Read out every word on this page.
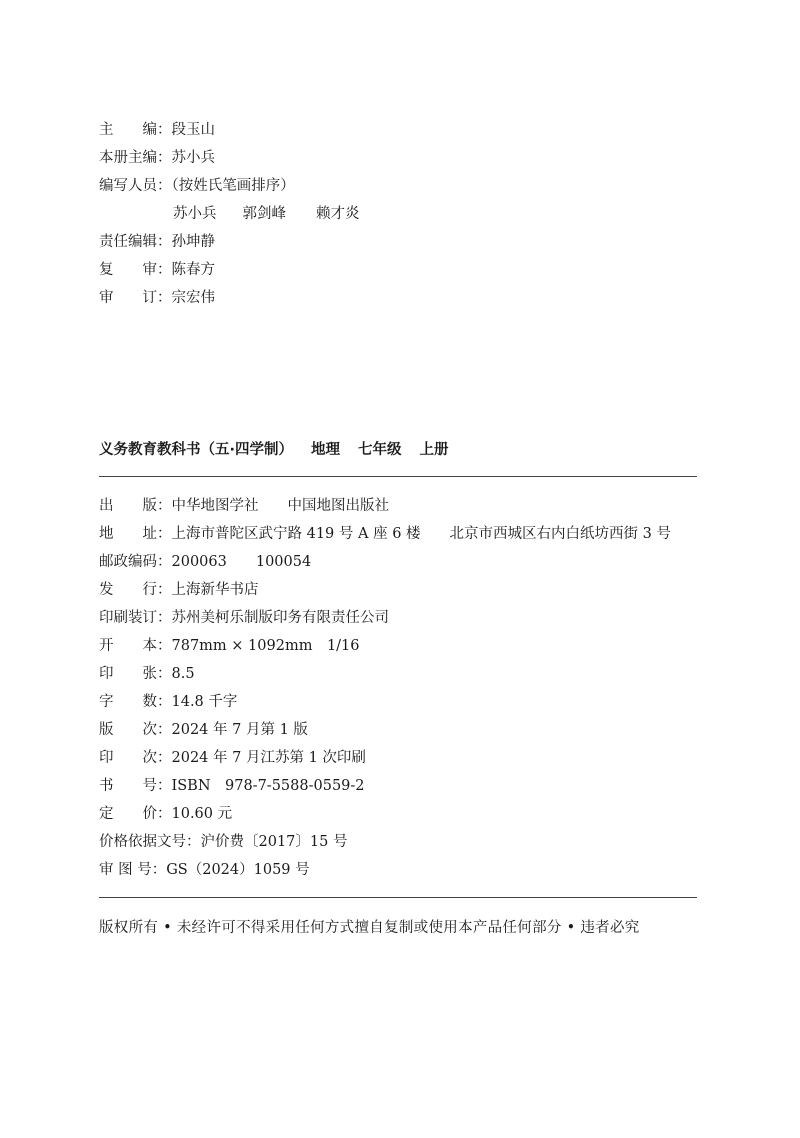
主　　编：段玉山
本册主编：苏小兵
编写人员：（按姓氏笔画排序）
苏小兵 郭剑峰 赖才炎
责任编辑：孙坤静
复　　审：陈春方
审　　订：宗宏伟
义务教育教科书（五·四学制） 地理 七年级 上册
出　　版：中华地图学社　　中国地图出版社
地　　址：上海市普陀区武宁路 419 号 A 座 6 楼　　北京市西城区右内白纸坊西街 3 号
邮政编码：200063　　100054
发　　行：上海新华书店
印刷装订：苏州美柯乐制版印务有限责任公司
开　　本：787mm × 1092mm　1/16
印　　张：8.5
字　　数：14.8 千字
版　　次：2024 年 7 月第 1 版
印　　次：2024 年 7 月江苏第 1 次印刷
书　　号：ISBN　978-7-5588-0559-2
定　　价：10.60 元
价格依据文号：沪价费〔2017〕15 号
审 图 号：GS（2024）1059 号
版权所有 • 未经许可不得采用任何方式擅自复制或使用本产品任何部分 • 违者必究
